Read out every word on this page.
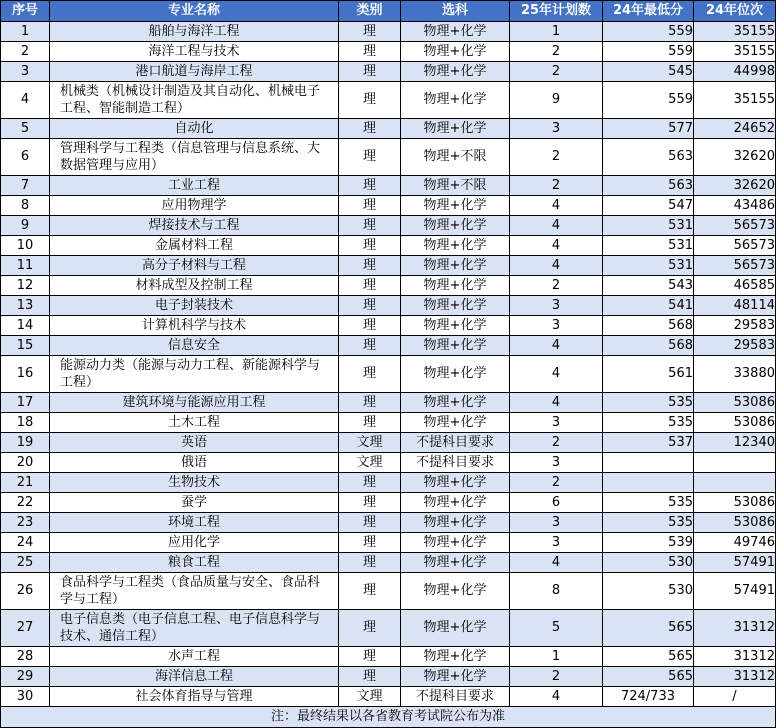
序号	专业名称	类别	选科	25年计划数	24年最低分	24年位次
1	船舶与海洋工程	理	物理+化学	1	559	35155
2	海洋工程与技术	理	物理+化学	2	559	35155
3	港口航道与海岸工程	理	物理+化学	2	545	44998
4	机械类（机械设计制造及其自动化、机械电子工程、智能制造工程）	理	物理+化学	9	559	35155
5	自动化	理	物理+化学	3	577	24652
6	管理科学与工程类（信息管理与信息系统、大数据管理与应用）	理	物理+不限	2	563	32620
7	工业工程	理	物理+不限	2	563	32620
8	应用物理学	理	物理+化学	4	547	43486
9	焊接技术与工程	理	物理+化学	4	531	56573
10	金属材料工程	理	物理+化学	4	531	56573
11	高分子材料与工程	理	物理+化学	4	531	56573
12	材料成型及控制工程	理	物理+化学	2	543	46585
13	电子封装技术	理	物理+化学	3	541	48114
14	计算机科学与技术	理	物理+化学	3	568	29583
15	信息安全	理	物理+化学	4	568	29583
16	能源动力类（能源与动力工程、新能源科学与工程）	理	物理+化学	4	561	33880
17	建筑环境与能源应用工程	理	物理+化学	4	535	53086
18	土木工程	理	物理+化学	3	535	53086
19	英语	文理	不提科目要求	2	537	12340
20	俄语	文理	不提科目要求	3		
21	生物技术	理	物理+化学	2		
22	蚕学	理	物理+化学	6	535	53086
23	环境工程	理	物理+化学	3	535	53086
24	应用化学	理	物理+化学	3	539	49746
25	粮食工程	理	物理+化学	4	530	57491
26	食品科学与工程类（食品质量与安全、食品科学与工程）	理	物理+化学	8	530	57491
27	电子信息类（电子信息工程、电子信息科学与技术、通信工程）	理	物理+化学	5	565	31312
28	水声工程	理	物理+化学	1	565	31312
29	海洋信息工程	理	物理+化学	2	565	31312
30	社会体育指导与管理	文理	不提科目要求	4	724/733	/
注：最终结果以各省教育考试院公布为准						
